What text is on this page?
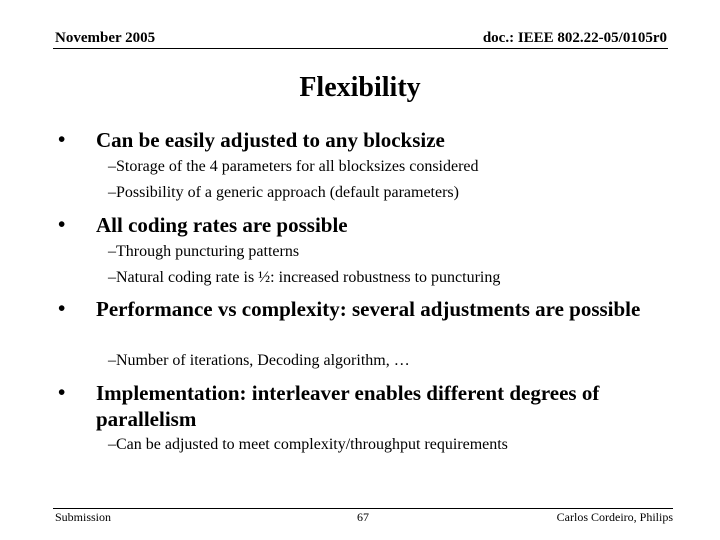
November 2005	doc.: IEEE 802.22-05/0105r0
Flexibility
• Can be easily adjusted to any blocksize
–Storage of the 4 parameters for all blocksizes considered
–Possibility of a generic approach (default parameters)
• All coding rates are possible
–Through puncturing patterns
–Natural coding rate is ½: increased robustness to puncturing
• Performance vs complexity: several adjustments are possible
–Number of iterations, Decoding algorithm, …
• Implementation: interleaver enables different degrees of parallelism
–Can be adjusted to meet complexity/throughput requirements
Submission	67	Carlos Cordeiro, Philips
